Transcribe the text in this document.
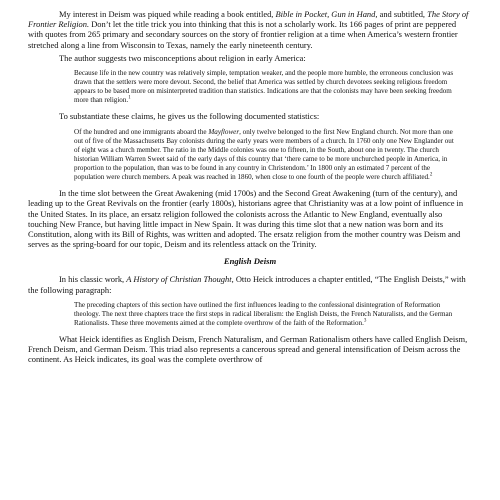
My interest in Deism was piqued while reading a book entitled, Bible in Pocket, Gun in Hand, and subtitled, The Story of Frontier Religion. Don’t let the title trick you into thinking that this is not a scholarly work. Its 166 pages of print are peppered with quotes from 265 primary and secondary sources on the story of frontier religion at a time when America’s western frontier stretched along a line from Wisconsin to Texas, namely the early nineteenth century.

The author suggests two misconceptions about religion in early America:

Because life in the new country was relatively simple, temptation weaker, and the people more humble, the erroneous conclusion was drawn that the settlers were more devout. Second, the belief that America was settled by church devotees seeking religious freedom appears to be based more on misinterpreted tradition than statistics. Indications are that the colonists may have been seeking freedom more than religion.$^1$

To substantiate these claims, he gives us the following documented statistics:

Of the hundred and one immigrants aboard the Mayflower, only twelve belonged to the first New England church. Not more than one out of five of the Massachusetts Bay colonists during the early years were members of a church. In 1760 only one New Englander out of eight was a church member. The ratio in the Middle colonies was one to fifteen, in the South, about one in twenty. The church historian William Warren Sweet said of the early days of this country that ‘there came to be more unchurched people in America, in proportion to the population, than was to be found in any country in Christendom.’ In 1800 only an estimated 7 percent of the population were church members. A peak was reached in 1860, when close to one fourth of the people were church affiliated.$^2$

In the time slot between the Great Awakening (mid 1700s) and the Second Great Awakening (turn of the century), and leading up to the Great Revivals on the frontier (early 1800s), historians agree that Christianity was at a low point of influence in the United States. In its place, an ersatz religion followed the colonists across the Atlantic to New England, eventually also touching New France, but having little impact in New Spain. It was during this time slot that a new nation was born and its Constitution, along with its Bill of Rights, was written and adopted. The ersatz religion from the mother country was Deism and serves as the spring-board for our topic, Deism and its relentless attack on the Trinity.

English Deism

In his classic work, A History of Christian Thought, Otto Heick introduces a chapter entitled, “The English Deists,” with the following paragraph:

The preceding chapters of this section have outlined the first influences leading to the confessional disintegration of Reformation theology. The next three chapters trace the first steps in radical liberalism: the English Deists, the French Naturalists, and the German Rationalists. These three movements aimed at the complete overthrow of the faith of the Reformation.$^3$

What Heick identifies as English Deism, French Naturalism, and German Rationalism others have called English Deism, French Deism, and German Deism. This triad also represents a cancerous spread and general intensification of Deism across the continent. As Heick indicates, its goal was the complete overthrow of
